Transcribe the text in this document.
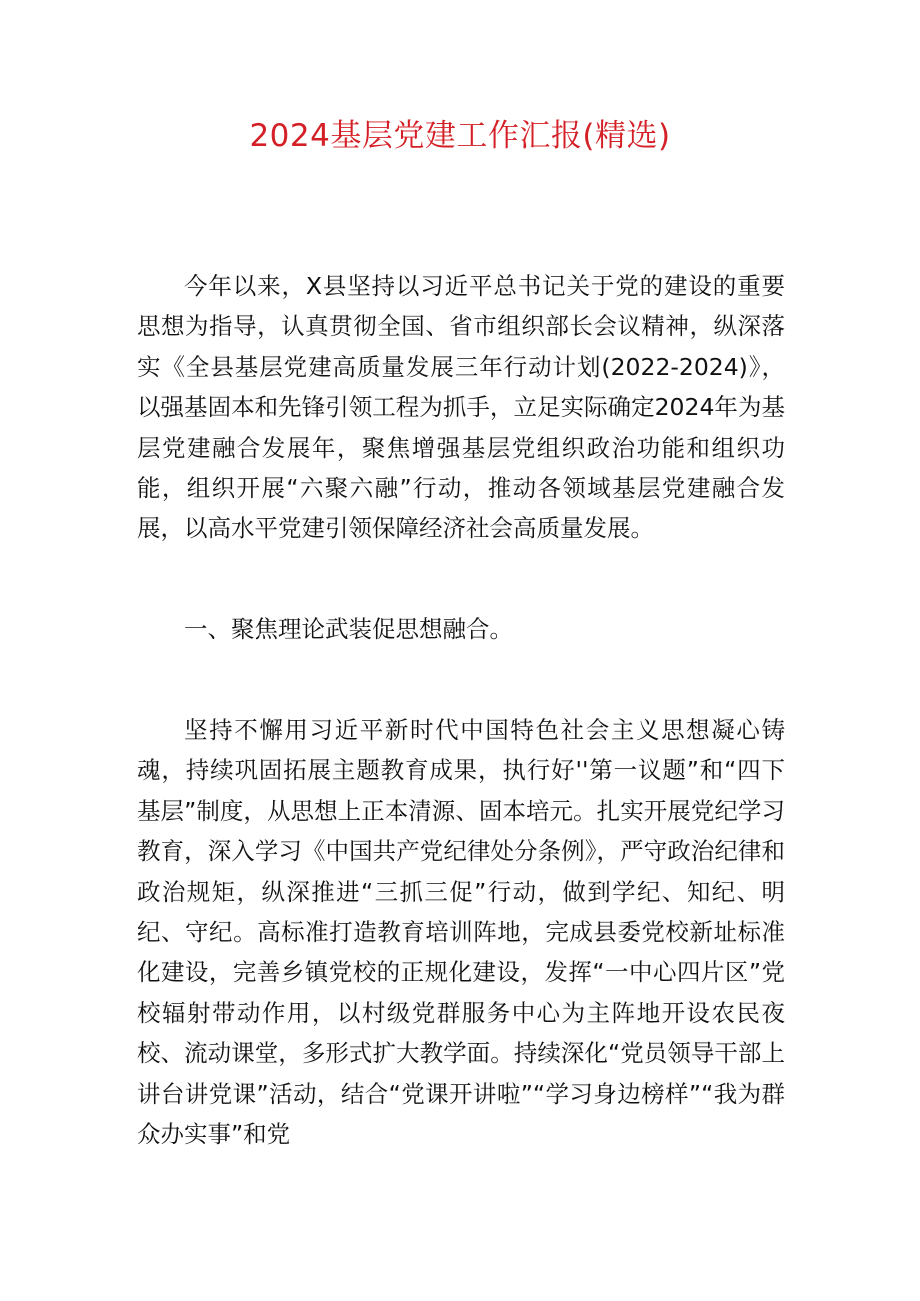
2024基层党建工作汇报(精选)

今年以来，X县坚持以习近平总书记关于党的建设的重要思想为指导，认真贯彻全国、省市组织部长会议精神，纵深落实《全县基层党建高质量发展三年行动计划(2022-2024)》，以强基固本和先锋引领工程为抓手，立足实际确定2024年为基层党建融合发展年，聚焦增强基层党组织政治功能和组织功能，组织开展“六聚六融”行动，推动各领域基层党建融合发展，以高水平党建引领保障经济社会高质量发展。

一、聚焦理论武装促思想融合。

坚持不懈用习近平新时代中国特色社会主义思想凝心铸魂，持续巩固拓展主题教育成果，执行好''第一议题”和“四下基层”制度，从思想上正本清源、固本培元。扎实开展党纪学习教育，深入学习《中国共产党纪律处分条例》，严守政治纪律和政治规矩，纵深推进“三抓三促”行动，做到学纪、知纪、明纪、守纪。高标准打造教育培训阵地，完成县委党校新址标准化建设，完善乡镇党校的正规化建设，发挥“一中心四片区”党校辐射带动作用，以村级党群服务中心为主阵地开设农民夜校、流动课堂，多形式扩大教学面。持续深化“党员领导干部上讲台讲党课”活动，结合“党课开讲啦”“学习身边榜样”“我为群众办实事”和党
